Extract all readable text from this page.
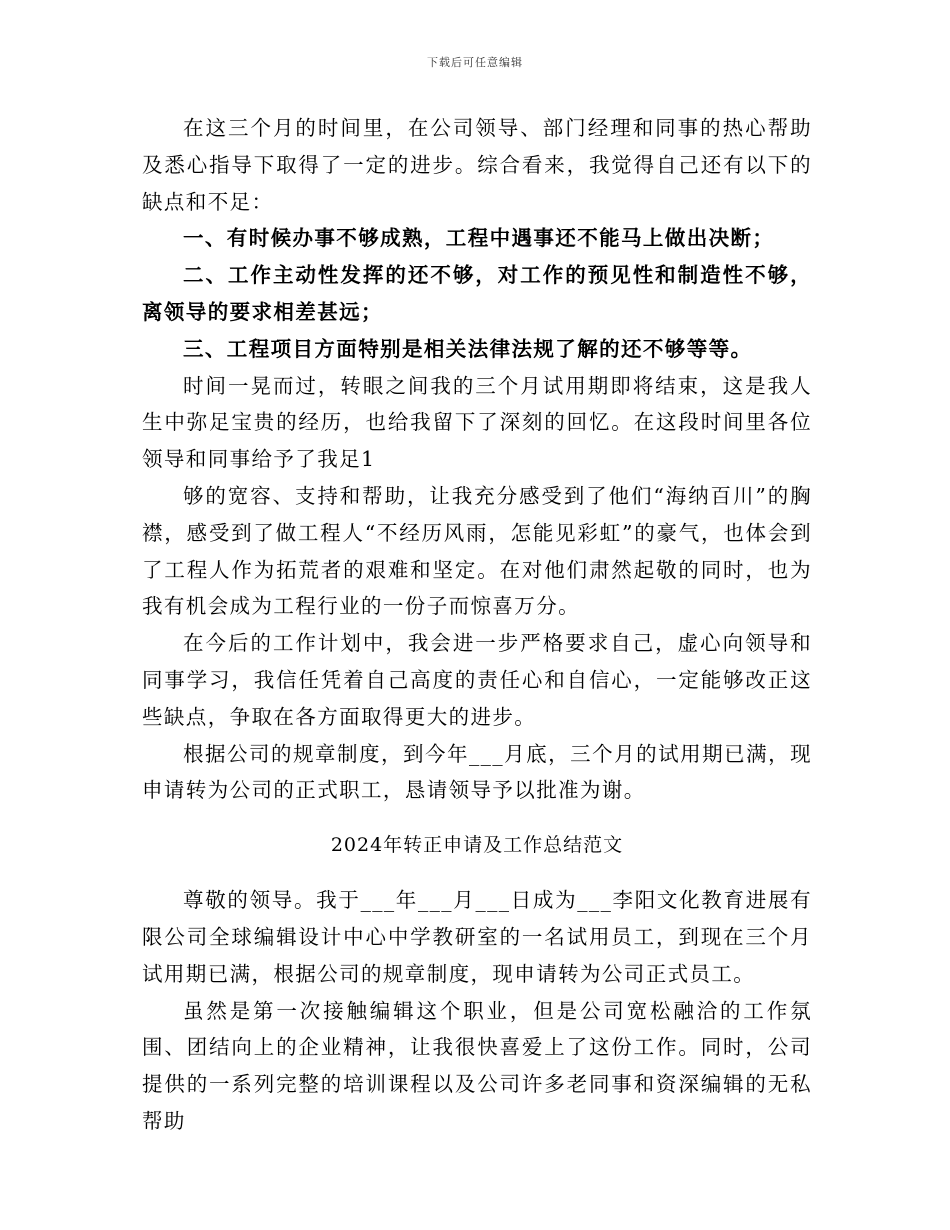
下载后可任意编辑

在这三个月的时间里，在公司领导、部门经理和同事的热心帮助及悉心指导下取得了一定的进步。综合看来，我觉得自己还有以下的缺点和不足：

一、有时候办事不够成熟，工程中遇事还不能马上做出决断；

二、工作主动性发挥的还不够，对工作的预见性和制造性不够，离领导的要求相差甚远；

三、工程项目方面特别是相关法律法规了解的还不够等等。

时间一晃而过，转眼之间我的三个月试用期即将结束，这是我人生中弥足宝贵的经历，也给我留下了深刻的回忆。在这段时间里各位领导和同事给予了我足1

够的宽容、支持和帮助，让我充分感受到了他们“海纳百川”的胸襟，感受到了做工程人“不经历风雨，怎能见彩虹”的豪气，也体会到了工程人作为拓荒者的艰难和坚定。在对他们肃然起敬的同时，也为我有机会成为工程行业的一份子而惊喜万分。

在今后的工作计划中，我会进一步严格要求自己，虚心向领导和同事学习，我信任凭着自己高度的责任心和自信心，一定能够改正这些缺点，争取在各方面取得更大的进步。

根据公司的规章制度，到今年___月底，三个月的试用期已满，现申请转为公司的正式职工，恳请领导予以批准为谢。

2024年转正申请及工作总结范文

尊敬的领导。我于___年___月___日成为___李阳文化教育进展有限公司全球编辑设计中心中学教研室的一名试用员工，到现在三个月试用期已满，根据公司的规章制度，现申请转为公司正式员工。

虽然是第一次接触编辑这个职业，但是公司宽松融洽的工作氛围、团结向上的企业精神，让我很快喜爱上了这份工作。同时，公司提供的一系列完整的培训课程以及公司许多老同事和资深编辑的无私帮助
